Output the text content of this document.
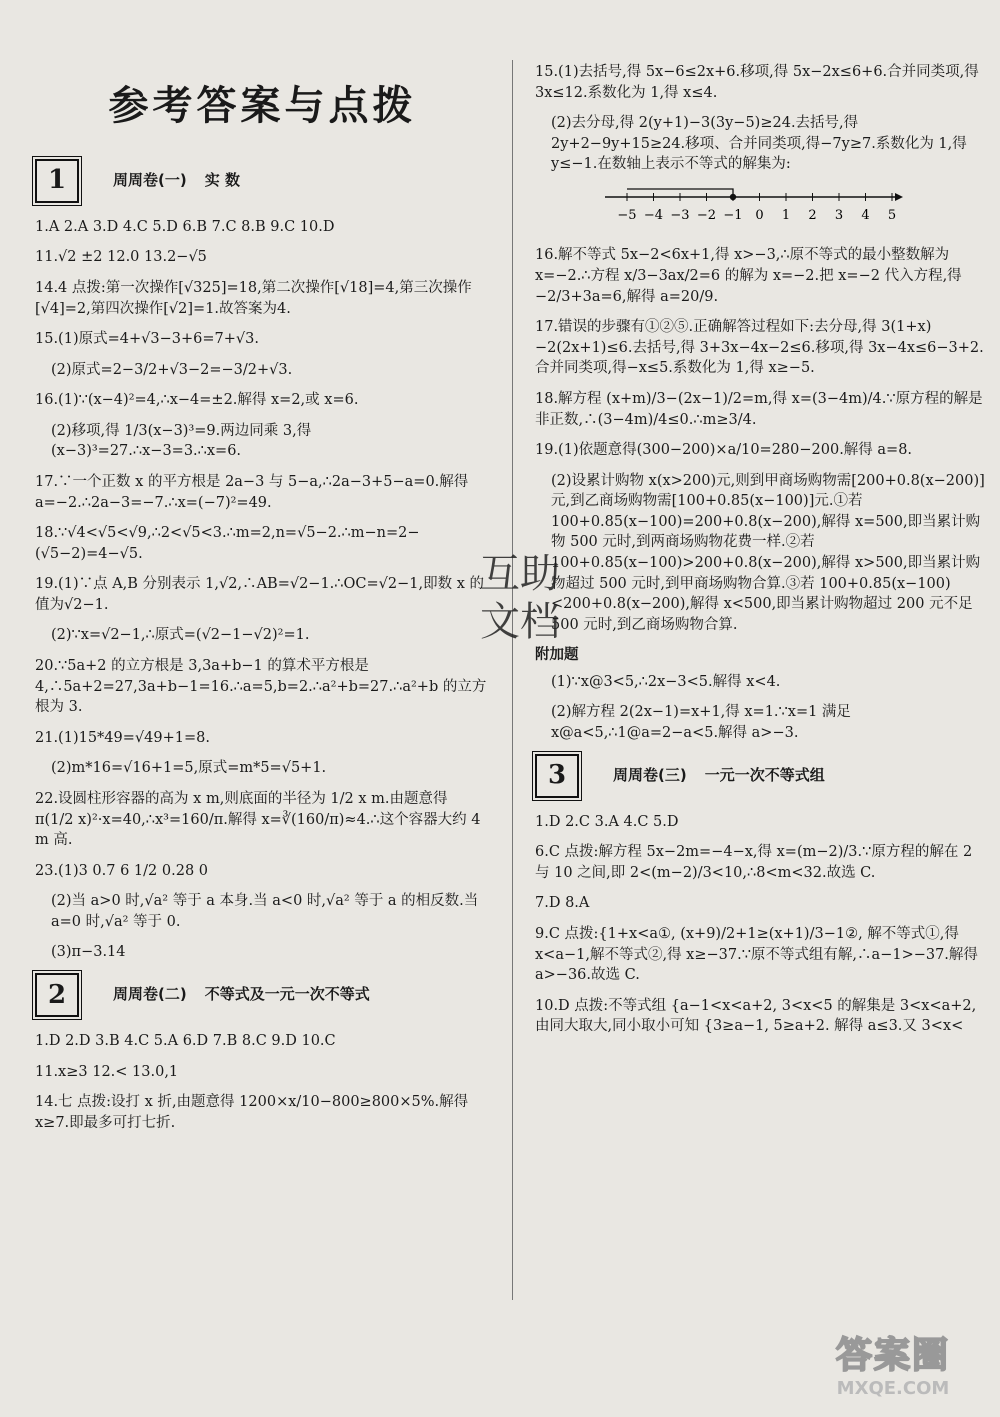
参考答案与点拨
1	周周卷(一) 实 数
1.A 2.A 3.D 4.C 5.D 6.B 7.C 8.B 9.C 10.D
11.√2 ±2 12.0 13.2−√5
14.4 点拨:第一次操作[√325]=18,第二次操作[√18]=4,第三次操作[√4]=2,第四次操作[√2]=1.故答案为4.
15.(1)原式=4+√3−3+6=7+√3.
(2)原式=2−3/2+√3−2=−3/2+√3.
16.(1)∵(x−4)²=4,∴x−4=±2.解得 x=2,或 x=6.
(2)移项,得 1/3(x−3)³=9.两边同乘 3,得(x−3)³=27.∴x−3=3.∴x=6.
17.∵一个正数 x 的平方根是 2a−3 与 5−a,∴2a−3+5−a=0.解得 a=−2.∴2a−3=−7.∴x=(−7)²=49.
18.∵√4<√5<√9,∴2<√5<3.∴m=2,n=√5−2.∴m−n=2−(√5−2)=4−√5.
19.(1)∵点 A,B 分别表示 1,√2,∴AB=√2−1.∴OC=√2−1,即数 x 的值为√2−1.
(2)∵x=√2−1,∴原式=(√2−1−√2)²=1.
20.∵5a+2 的立方根是 3,3a+b−1 的算术平方根是 4,∴5a+2=27,3a+b−1=16.∴a=5,b=2.∴a²+b=27.∴a²+b 的立方根为 3.
21.(1)15*49=√49+1=8.
(2)m*16=√16+1=5,原式=m*5=√5+1.
22.设圆柱形容器的高为 x m,则底面的半径为 1/2 x m.由题意得 π(1/2 x)²·x=40,∴x³=160/π.解得 x=∛(160/π)≈4.∴这个容器大约 4 m 高.
23.(1)3 0.7 6 1/2 0.28 0
(2)当 a>0 时,√a² 等于 a 本身.当 a<0 时,√a² 等于 a 的相反数.当 a=0 时,√a² 等于 0.
(3)π−3.14
2	周周卷(二) 不等式及一元一次不等式
1.D 2.D 3.B 4.C 5.A 6.D 7.B 8.C 9.D 10.C
11.x≥3 12.< 13.0,1
14.七 点拨:设打 x 折,由题意得 1200×x/10−800≥800×5%.解得 x≥7.即最多可打七折.
15.(1)去括号,得 5x−6≤2x+6.移项,得 5x−2x≤6+6.合并同类项,得 3x≤12.系数化为 1,得 x≤4.
(2)去分母,得 2(y+1)−3(3y−5)≥24.去括号,得 2y+2−9y+15≥24.移项、合并同类项,得−7y≥7.系数化为 1,得 y≤−1.在数轴上表示不等式的解集为:
−5 −4 −3 −2 −1 0 1 2 3 4 5
16.解不等式 5x−2<6x+1,得 x>−3,∴原不等式的最小整数解为 x=−2.∴方程 x/3−3ax/2=6 的解为 x=−2.把 x=−2 代入方程,得−2/3+3a=6,解得 a=20/9.
17.错误的步骤有①②⑤.正确解答过程如下:去分母,得 3(1+x)−2(2x+1)≤6.去括号,得 3+3x−4x−2≤6.移项,得 3x−4x≤6−3+2.合并同类项,得−x≤5.系数化为 1,得 x≥−5.
18.解方程 (x+m)/3−(2x−1)/2=m,得 x=(3−4m)/4.∵原方程的解是非正数,∴(3−4m)/4≤0.∴m≥3/4.
19.(1)依题意得(300−200)×a/10=280−200.解得 a=8.
(2)设累计购物 x(x>200)元,则到甲商场购物需[200+0.8(x−200)]元,到乙商场购物需[100+0.85(x−100)]元.①若 100+0.85(x−100)=200+0.8(x−200),解得 x=500,即当累计购物 500 元时,到两商场购物花费一样.②若 100+0.85(x−100)>200+0.8(x−200),解得 x>500,即当累计购物超过 500 元时,到甲商场购物合算.③若 100+0.85(x−100)<200+0.8(x−200),解得 x<500,即当累计购物超过 200 元不足 500 元时,到乙商场购物合算.
附加题
(1)∵x@3<5,∴2x−3<5.解得 x<4.
(2)解方程 2(2x−1)=x+1,得 x=1.∵x=1 满足 x@a<5,∴1@a=2−a<5.解得 a>−3.
3	周周卷(三) 一元一次不等式组
1.D 2.C 3.A 4.C 5.D
6.C 点拨:解方程 5x−2m=−4−x,得 x=(m−2)/3.∵原方程的解在 2 与 10 之间,即 2<(m−2)/3<10,∴8<m<32.故选 C.
7.D 8.A
9.C 点拨:{1+x<a①, (x+9)/2+1≥(x+1)/3−1②, 解不等式①,得 x<a−1,解不等式②,得 x≥−37.∵原不等式组有解,∴a−1>−37.解得 a>−36.故选 C.
10.D 点拨:不等式组 {a−1<x<a+2, 3<x<5 的解集是 3<x<a+2,由同大取大,同小取小可知 {3≥a−1, 5≥a+2. 解得 a≤3.又 3<x<
互助文档
答案圈
MXQE.COM
